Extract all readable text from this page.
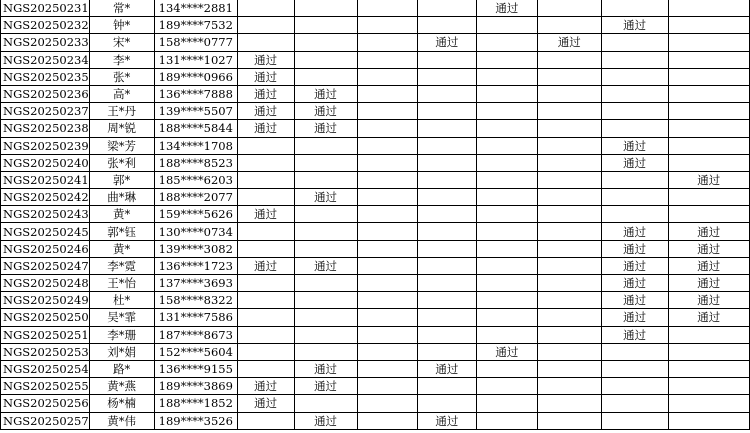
NGS20250231	常*	134****2881					通过			
NGS20250232	钟*	189****7532							通过	
NGS20250233	宋*	158****0777				通过		通过		
NGS20250234	李*	131****1027	通过							
NGS20250235	张*	189****0966	通过							
NGS20250236	高*	136****7888	通过	通过						
NGS20250237	王*丹	139****5507	通过	通过						
NGS20250238	周*锐	188****5844	通过	通过						
NGS20250239	梁*芳	134****1708							通过	
NGS20250240	张*利	188****8523							通过	
NGS20250241	郭*	185****6203								通过
NGS20250242	曲*琳	188****2077		通过						
NGS20250243	黄*	159****5626	通过							
NGS20250245	郭*钰	130****0734							通过	通过
NGS20250246	黄*	139****3082							通过	通过
NGS20250247	李*霓	136****1723	通过	通过					通过	通过
NGS20250248	王*怡	137****3693							通过	通过
NGS20250249	杜*	158****8322							通过	通过
NGS20250250	吴*霏	131****7586							通过	通过
NGS20250251	李*珊	187****8673							通过	
NGS20250253	刘*娟	152****5604					通过			
NGS20250254	路*	136****9155		通过		通过				
NGS20250255	黄*燕	189****3869	通过	通过						
NGS20250256	杨*楠	188****1852	通过							
NGS20250257	黄*伟	189****3526		通过		通过				
